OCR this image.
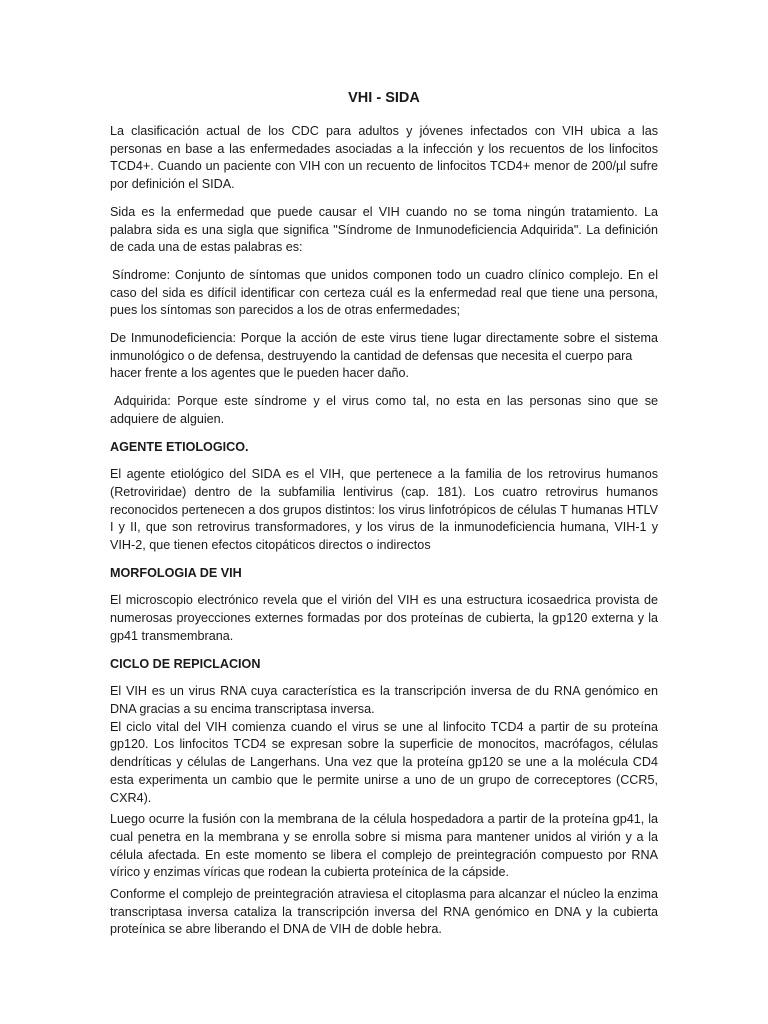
VHI - SIDA

La clasificación actual de los CDC para adultos y jóvenes infectados con VIH ubica a las personas en base a las enfermedades asociadas a la infección y los recuentos de los linfocitos TCD4+. Cuando un paciente con VIH con un recuento de linfocitos TCD4+ menor de 200/µl sufre por definición el SIDA.

Sida es la enfermedad que puede causar el VIH cuando no se toma ningún tratamiento. La palabra sida es una sigla que significa "Síndrome de Inmunodeficiencia Adquirida". La definición de cada una de estas palabras es:

Síndrome: Conjunto de síntomas que unidos componen todo un cuadro clínico complejo. En el caso del sida es difícil identificar con certeza cuál es la enfermedad real que tiene una persona, pues los síntomas son parecidos a los de otras enfermedades;

De Inmunodeficiencia: Porque la acción de este virus tiene lugar directamente sobre el sistema inmunológico o de defensa, destruyendo la cantidad de defensas que necesita el cuerpo para

hacer frente a los agentes que le pueden hacer daño.

Adquirida: Porque este síndrome y el virus como tal, no esta en las personas sino que se adquiere de alguien.

AGENTE ETIOLOGICO.

El agente etiológico del SIDA es el VIH, que pertenece a la familia de los retrovirus humanos (Retroviridae) dentro de la subfamilia lentivirus (cap. 181). Los cuatro retrovirus humanos reconocidos pertenecen a dos grupos distintos: los virus linfotrópicos de células T humanas HTLV I y II, que son retrovirus transformadores, y los virus de la inmunodeficiencia humana, VIH-1 y VIH-2, que tienen efectos citopáticos directos o indirectos

MORFOLOGIA DE VIH

El microscopio electrónico revela que el virión del VIH es una estructura icosaedrica provista de numerosas proyecciones externes formadas por dos proteínas de cubierta, la gp120 externa y la gp41 transmembrana.

CICLO DE REPICLACION

El VIH es un virus RNA cuya característica es la transcripción inversa de du RNA genómico en DNA gracias a su encima transcriptasa inversa.

El ciclo vital del VIH comienza cuando el virus se une al linfocito TCD4 a partir de su proteína gp120. Los linfocitos TCD4 se expresan sobre la superficie de monocitos, macrófagos, células dendríticas y células de Langerhans. Una vez que la proteína gp120 se une a la molécula CD4 esta experimenta un cambio que le permite unirse a uno de un grupo de correceptores (CCR5, CXR4).

Luego ocurre la fusión con la membrana de la célula hospedadora a partir de la proteína gp41, la cual penetra en la membrana y se enrolla sobre si misma para mantener unidos al virión y a la célula afectada. En este momento se libera el complejo de preintegración compuesto por RNA vírico y enzimas víricas que rodean la cubierta proteínica de la cápside.

Conforme el complejo de preintegración atraviesa el citoplasma para alcanzar el núcleo la enzima transcriptasa inversa cataliza la transcripción inversa del RNA genómico en DNA y la cubierta proteínica se abre liberando el DNA de VIH de doble hebra.
